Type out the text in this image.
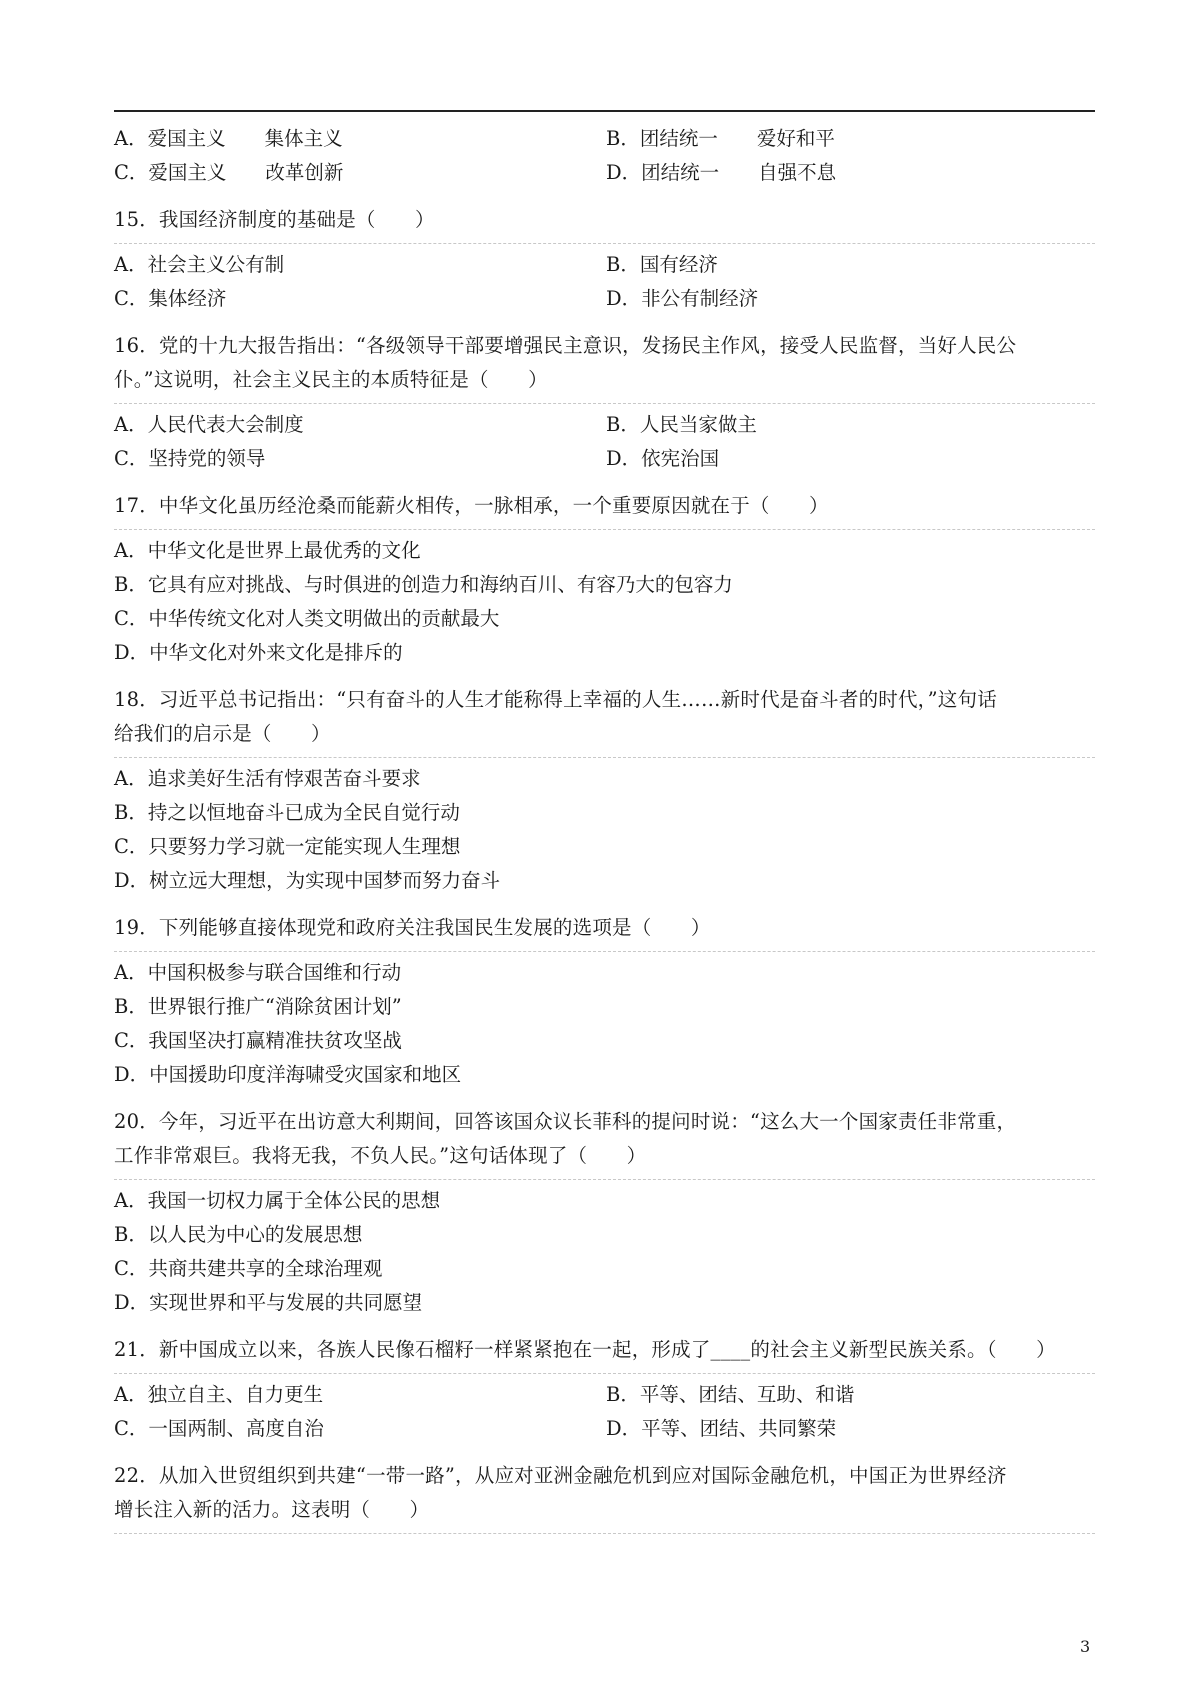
A．爱国主义　　集体主义	B．团结统一　　爱好和平
C．爱国主义　　改革创新	D．团结统一　　自强不息
15．我国经济制度的基础是（　　）
A．社会主义公有制	B．国有经济
C．集体经济	D．非公有制经济
16．党的十九大报告指出：“各级领导干部要增强民主意识，发扬民主作风，接受人民监督，当好人民公
仆。”这说明，社会主义民主的本质特征是（　　）
A．人民代表大会制度	B．人民当家做主
C．坚持党的领导	D．依宪治国
17．中华文化虽历经沧桑而能薪火相传，一脉相承，一个重要原因就在于（　　）
A．中华文化是世界上最优秀的文化
B．它具有应对挑战、与时俱进的创造力和海纳百川、有容乃大的包容力
C．中华传统文化对人类文明做出的贡献最大
D．中华文化对外来文化是排斥的
18．习近平总书记指出：“只有奋斗的人生才能称得上幸福的人生……新时代是奋斗者的时代，”这句话
给我们的启示是（　　）
A．追求美好生活有悖艰苦奋斗要求
B．持之以恒地奋斗已成为全民自觉行动
C．只要努力学习就一定能实现人生理想
D．树立远大理想，为实现中国梦而努力奋斗
19．下列能够直接体现党和政府关注我国民生发展的选项是（　　）
A．中国积极参与联合国维和行动
B．世界银行推广“消除贫困计划”
C．我国坚决打赢精准扶贫攻坚战
D．中国援助印度洋海啸受灾国家和地区
20．今年，习近平在出访意大利期间，回答该国众议长菲科的提问时说：“这么大一个国家责任非常重，
工作非常艰巨。我将无我，不负人民。”这句话体现了（　　）
A．我国一切权力属于全体公民的思想
B．以人民为中心的发展思想
C．共商共建共享的全球治理观
D．实现世界和平与发展的共同愿望
21．新中国成立以来，各族人民像石榴籽一样紧紧抱在一起，形成了____的社会主义新型民族关系。（　　）
A．独立自主、自力更生	B．平等、团结、互助、和谐
C．一国两制、高度自治	D．平等、团结、共同繁荣
22．从加入世贸组织到共建“一带一路”，从应对亚洲金融危机到应对国际金融危机，中国正为世界经济
增长注入新的活力。这表明（　　）
3
